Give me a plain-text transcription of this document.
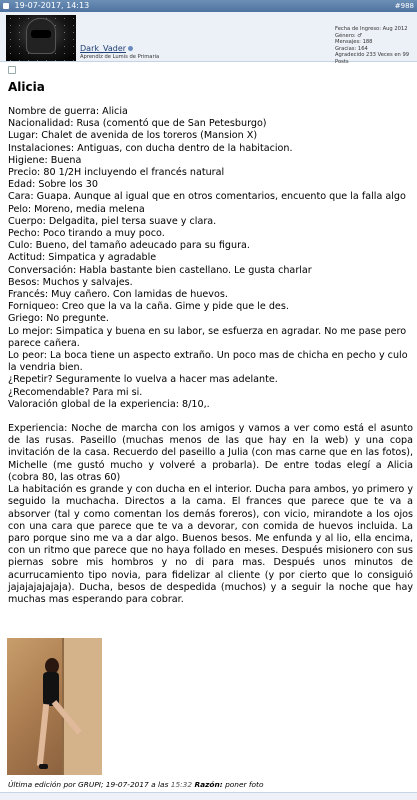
19-07-2017, 14:13	#988
Dark_Vader
Aprendiz de Lumis de Primaria
Fecha de Ingreso: Aug 2012
Género: ♂
Mensajes: 188
Gracias: 164
Agradecido 233 Veces en 99 Posts
Alicia

Nombre de guerra: Alicia

Nacionalidad: Rusa (comentó que de San Petesburgo)

Lugar: Chalet de avenida de los toreros (Mansion X)

Instalaciones: Antiguas, con ducha dentro de la habitacion.

Higiene: Buena

Precio: 80 1/2H incluyendo el francés natural

Edad: Sobre los 30

Cara: Guapa. Aunque al igual que en otros comentarios, encuento que la falla algo

Pelo: Moreno, media melena

Cuerpo: Delgadita, piel tersa suave y clara.

Pecho: Poco tirando a muy poco.

Culo: Bueno, del tamaño adeucado para su figura.

Actitud: Simpatica y agradable

Conversación: Habla bastante bien castellano. Le gusta charlar

Besos: Muchos y salvajes.

Francés: Muy cañero. Con lamidas de huevos.

Forniqueo: Creo que la va la caña. Gime y pide que le des.

Griego: No pregunte.

Lo mejor: Simpatica y buena en su labor, se esfuerza en agradar. No me pase pero parece cañera.

Lo peor: La boca tiene un aspecto extraño. Un poco mas de chicha en pecho y culo la vendria bien.

¿Repetir? Seguramente lo vuelva a hacer mas adelante.

¿Recomendable? Para mi si.

Valoración global de la experiencia: 8/10,.

Experiencia: Noche de marcha con los amigos y vamos a ver como está el asunto de las rusas. Paseillo (muchas menos de las que hay en la web) y una copa invitación de la casa. Recuerdo del paseillo a Julia (con mas carne que en las fotos), Michelle (me gustó mucho y volveré a probarla). De entre todas elegí a Alicia (cobra 80, las otras 60)

La habitación es grande y con ducha en el interior. Ducha para ambos, yo primero y seguido la muchacha. Directos a la cama. El frances que parece que te va a absorver (tal y como comentan los demás foreros), con vicio, mirandote a los ojos con una cara que parece que te va a devorar, con comida de huevos incluida. La paro porque sino me va a dar algo. Buenos besos. Me enfunda y al lio, ella encima, con un ritmo que parece que no haya follado en meses. Después misionero con sus piernas sobre mis hombros y no di para mas. Después unos minutos de acurrucamiento tipo novia, para fidelizar al cliente (y por cierto que lo consiguió jajajajajajaja). Ducha, besos de despedida (muchos) y a seguir la noche que hay muchas mas esperando para cobrar.

Última edición por GRUPI; 19-07-2017 a las 15:32 Razón: poner foto
